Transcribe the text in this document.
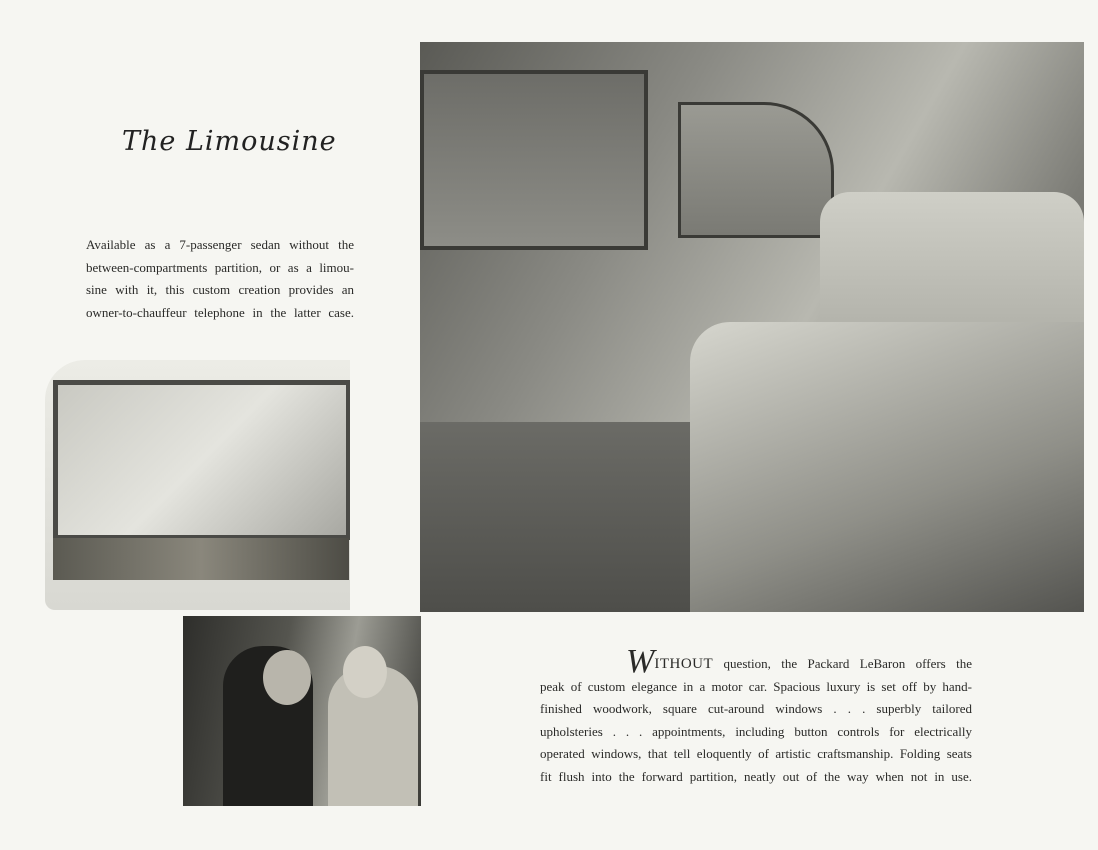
The Limousine
Available as a 7-passenger sedan without the
between-compartments partition, or as a limou-
sine with it, this custom creation provides an
owner-to-chauffeur telephone in the latter case.
WITHOUT question, the Packard LeBaron offers the
peak of custom elegance in a motor car. Spacious luxury is set off by hand-
finished woodwork, square cut-around windows . . . superbly tailored
upholsteries . . . appointments, including button controls for electrically
operated windows, that tell eloquently of artistic craftsmanship. Folding seats
fit flush into the forward partition, neatly out of the way when not in use.
